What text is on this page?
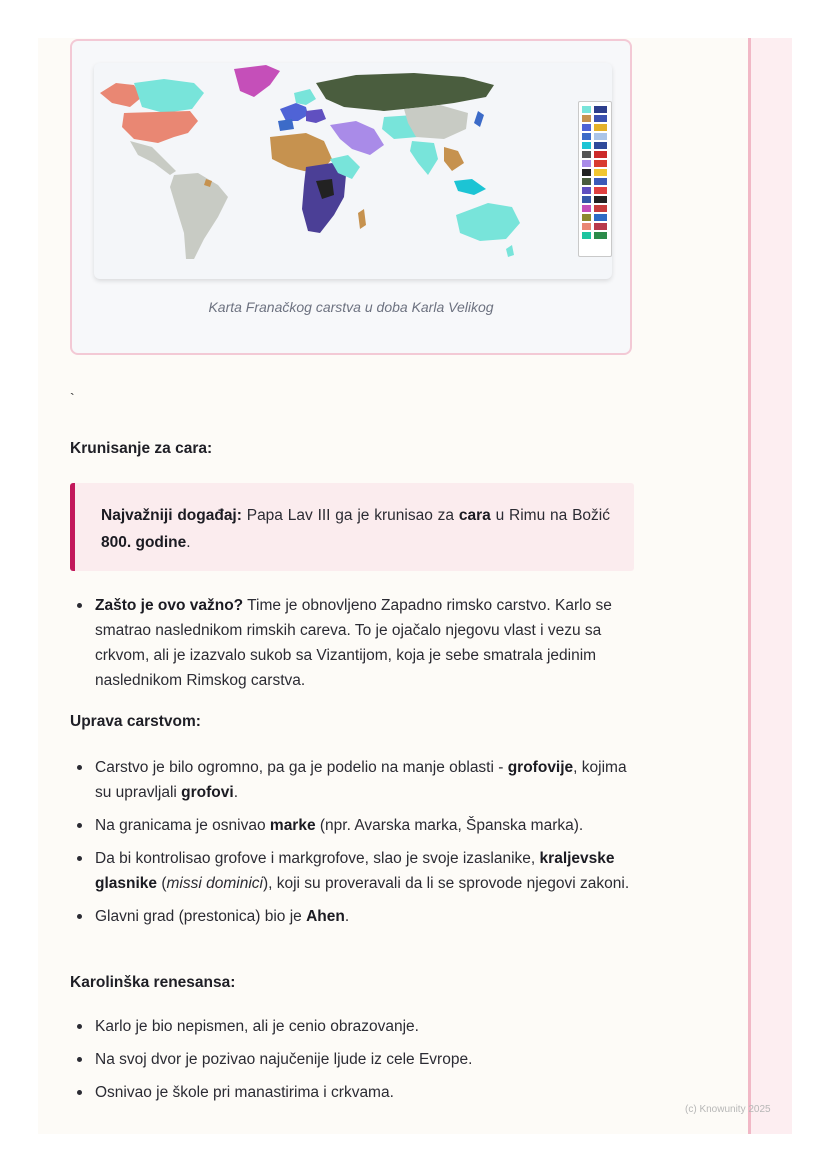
Karta Franačkog carstva u doba Karla Velikog
`
Krunisanje za cara:
Najvažniji događaj: Papa Lav III ga je krunisao za cara u Rimu na Božić 800. godine.
Zašto je ovo važno? Time je obnovljeno Zapadno rimsko carstvo. Karlo se smatrao naslednikom rimskih careva. To je ojačalo njegovu vlast i vezu sa crkvom, ali je izazvalo sukob sa Vizantijom, koja je sebe smatrala jedinim naslednikom Rimskog carstva.
Uprava carstvom:
Carstvo je bilo ogromno, pa ga je podelio na manje oblasti - grofovije, kojima su upravljali grofovi.
Na granicama je osnivao marke (npr. Avarska marka, Španska marka).
Da bi kontrolisao grofove i markgrofove, slao je svoje izaslanike, kraljevske glasnike (missi dominici), koji su proveravali da li se sprovode njegovi zakoni.
Glavni grad (prestonica) bio je Ahen.
Karolinška renesansa:
Karlo je bio nepismen, ali je cenio obrazovanje.
Na svoj dvor je pozivao najučenije ljude iz cele Evrope.
Osnivao je škole pri manastirima i crkvama.
(c) Knowunity 2025
